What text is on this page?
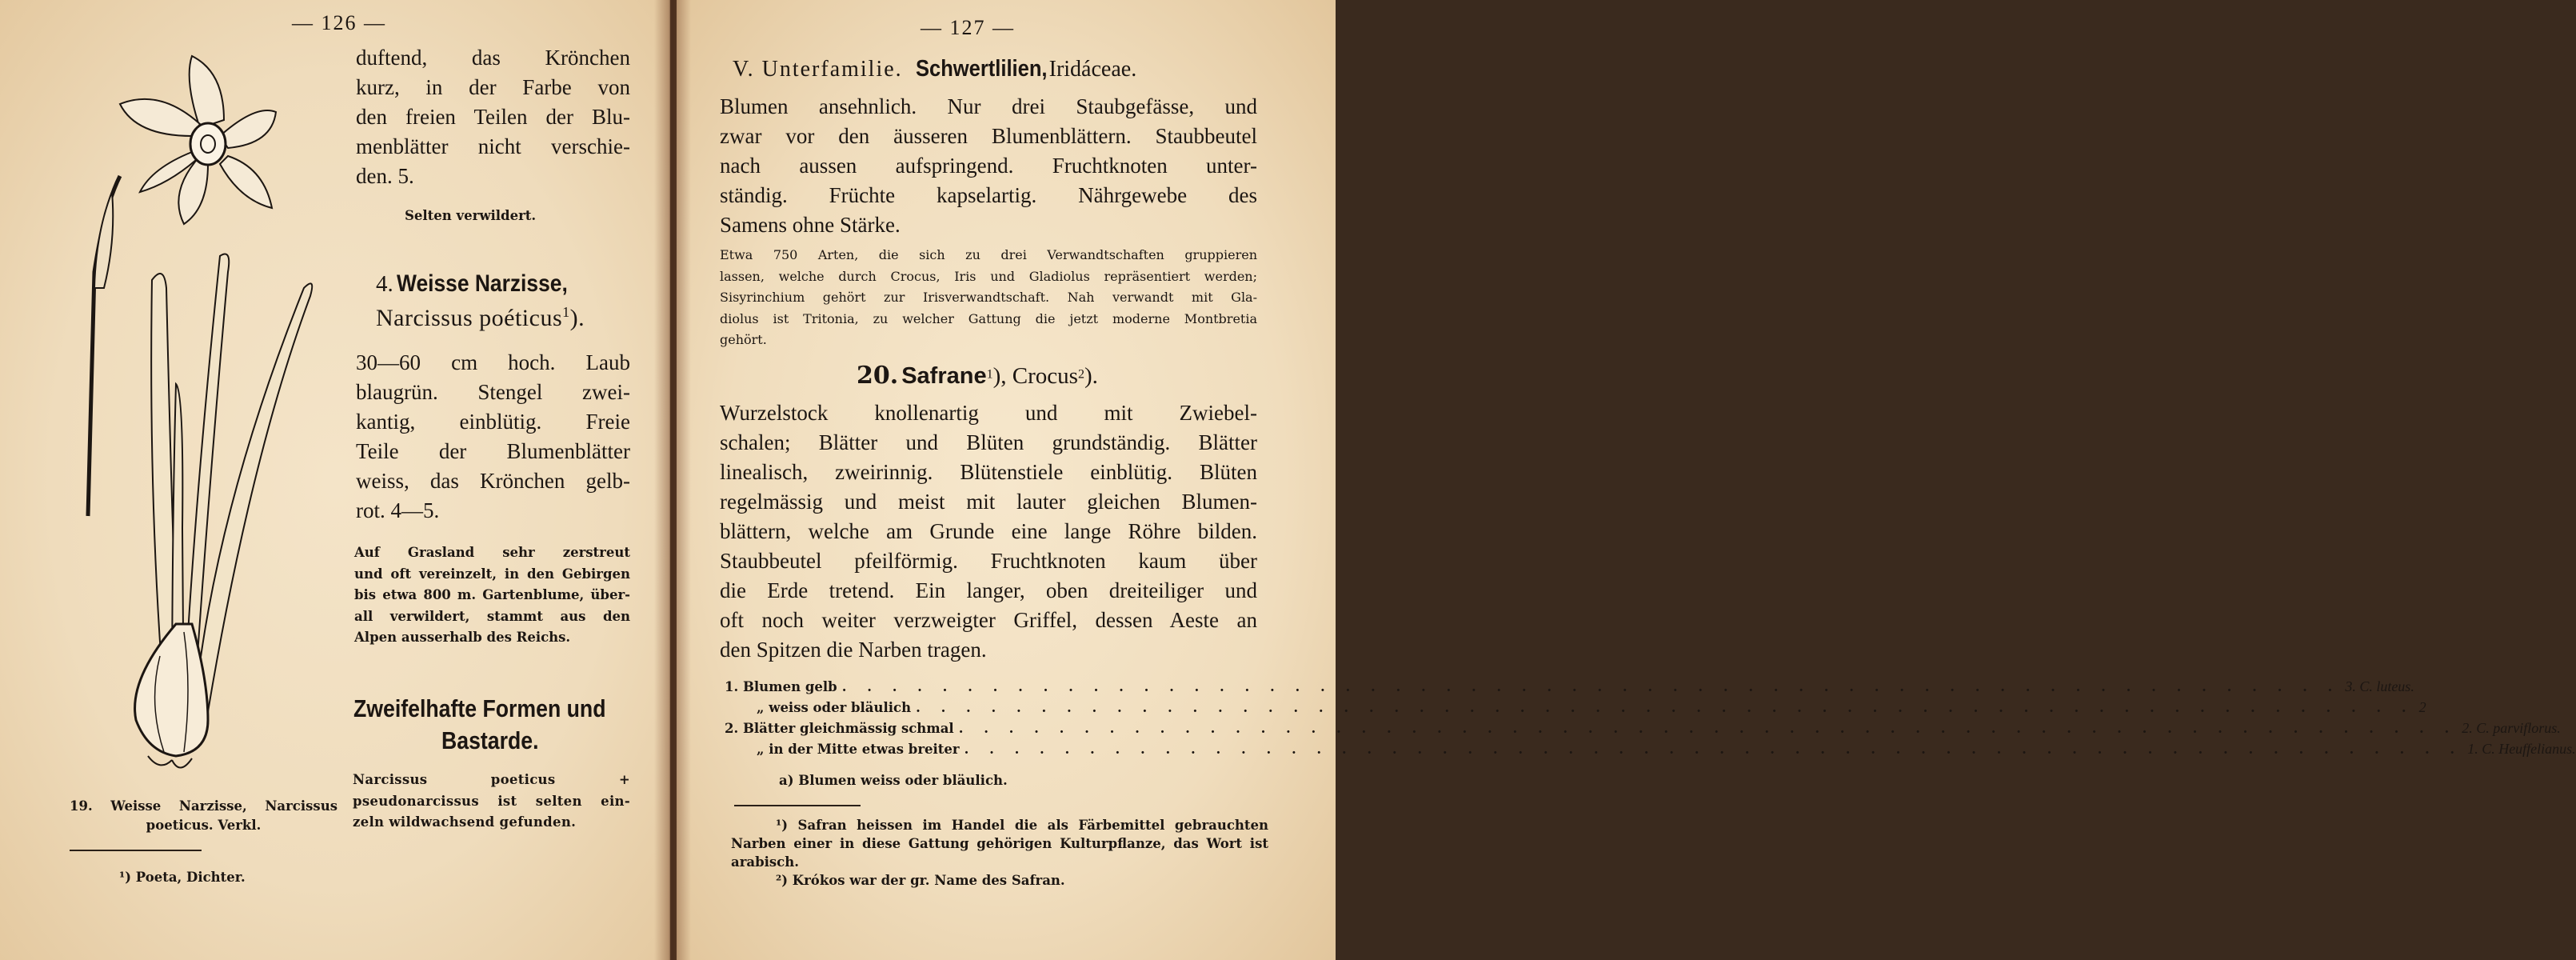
— 126 —
duftend, das Krönchen
kurz, in der Farbe von
den freien Teilen der Blu-
menblätter nicht verschie-
den. 5.
Selten verwildert.
4. Weisse Narzisse,
Narcissus poéticus$^1$).
30—60 cm hoch. Laub
blaugrün. Stengel zwei-
kantig, einblütig. Freie
Teile der Blumenblätter
weiss, das Krönchen gelb-
rot. 4—5.
Auf Grasland sehr zerstreut
und oft vereinzelt, in den Gebirgen
bis etwa 800 m. Gartenblume, über-
all verwildert, stammt aus den
Alpen ausserhalb des Reichs.
Zweifelhafte Formen und
Bastarde.
Narcissus poeticus +
pseudonarcissus ist selten ein-
zeln wildwachsend gefunden.
19. Weisse Narzisse, Narcissus
poeticus. Verkl.
¹) Poeta, Dichter.
— 127 —
V. Unterfamilie. Schwertlilien, Iridáceae.
Blumen ansehnlich. Nur drei Staubgefässe, und
zwar vor den äusseren Blumenblättern. Staubbeutel
nach aussen aufspringend. Fruchtknoten unter-
ständig. Früchte kapselartig. Nährgewebe des
Samens ohne Stärke.
Etwa 750 Arten, die sich zu drei Verwandtschaften gruppieren
lassen, welche durch Crocus, Iris und Gladiolus repräsentiert werden;
Sisyrinchium gehört zur Irisverwandtschaft. Nah verwandt mit Gla-
diolus ist Tritonia, zu welcher Gattung die jetzt moderne Montbretia
gehört.
20. Safrane$^1$), Crocus$^2$).
Wurzelstock knollenartig und mit Zwiebel-
schalen; Blätter und Blüten grundständig. Blätter
linealisch, zweirinnig. Blütenstiele einblütig. Blüten
regelmässig und meist mit lauter gleichen Blumen-
blättern, welche am Grunde eine lange Röhre bilden.
Staubbeutel pfeilförmig. Fruchtknoten kaum über
die Erde tretend. Ein langer, oben dreiteiliger und
oft noch weiter verzweigter Griffel, dessen Aeste an
den Spitzen die Narben tragen.
1. Blumen gelb . . . . . . . . . . . . . . . . . . . . . . . . . . . . . . . . . . . . . . . . . . . . . . . . . . . . . . . . . . . . 3. C. luteus.
„ weiss oder bläulich . . . . . . . . . . . . . . . . . . . . . . . . . . . . . . . . . . . . . . . . . . . . . . . . . . . . . . . . . . . . 2
2. Blätter gleichmässig schmal . . . . . . . . . . . . . . . . . . . . . . . . . . . . . . . . . . . . . . . . . . . . . . . . . . . . . . . . . . . . 2. C. parviflorus.
„ in der Mitte etwas breiter . . . . . . . . . . . . . . . . . . . . . . . . . . . . . . . . . . . . . . . . . . . . . . . . . . . . . . . . . . . . 1. C. Heuffelianus.
a) Blumen weiss oder bläulich.
¹) Safran heissen im Handel die als Färbemittel gebrauchten
Narben einer in diese Gattung gehörigen Kulturpflanze, das Wort ist
arabisch.
²) Krókos war der gr. Name des Safran.
